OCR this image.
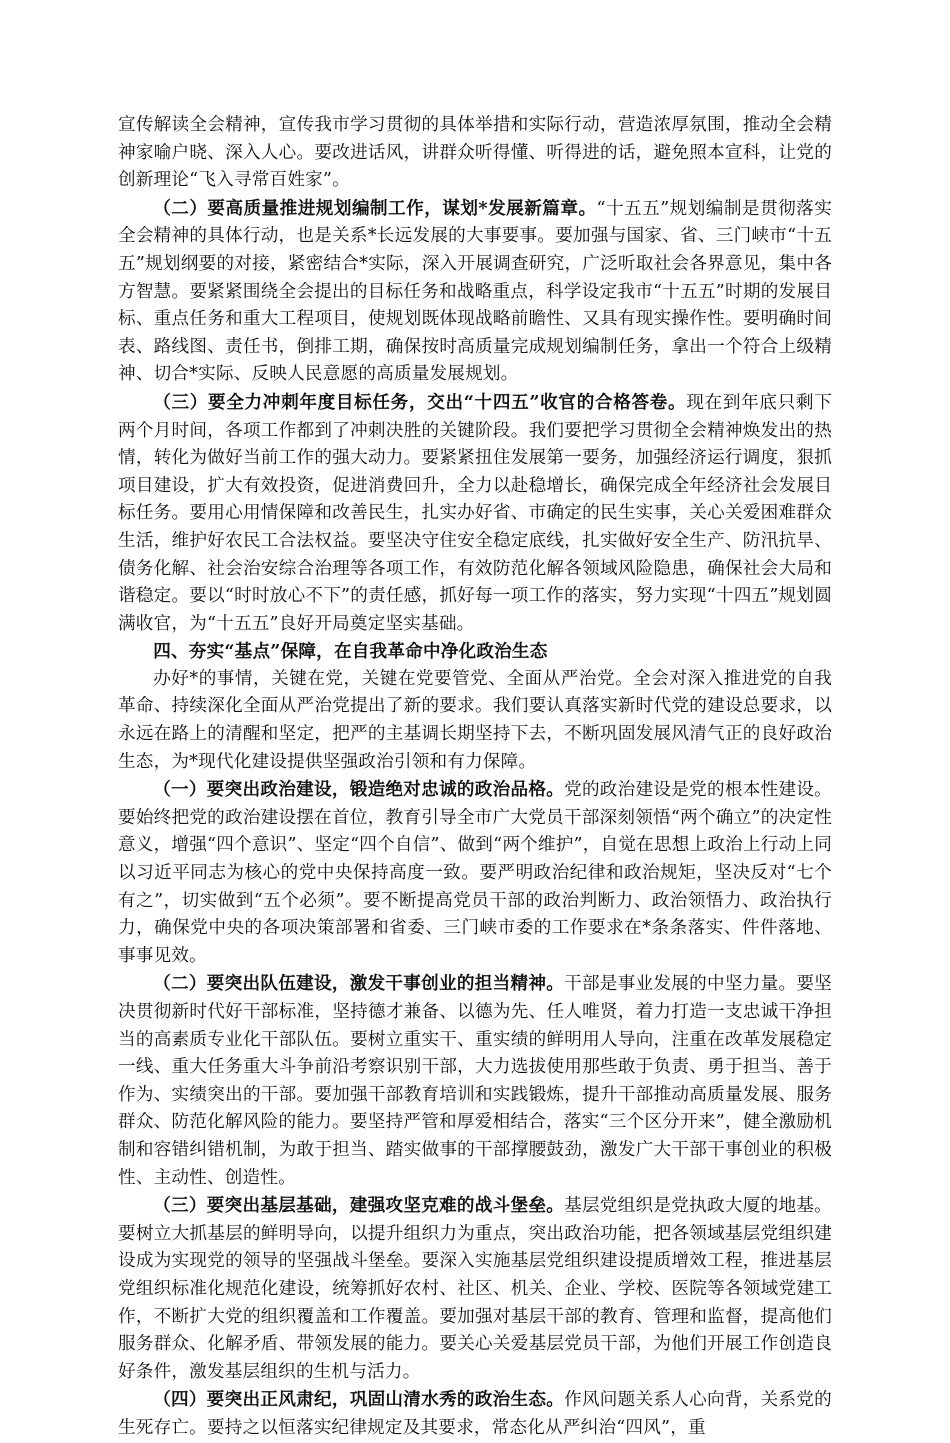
宣传解读全会精神，宣传我市学习贯彻的具体举措和实际行动，营造浓厚氛围，推动全会精神家喻户晓、深入人心。要改进话风，讲群众听得懂、听得进的话，避免照本宣科，让党的创新理论“飞入寻常百姓家”。

（二）要高质量推进规划编制工作，谋划*发展新篇章。“十五五”规划编制是贯彻落实全会精神的具体行动，也是关系*长远发展的大事要事。要加强与国家、省、三门峡市“十五五”规划纲要的对接，紧密结合*实际，深入开展调查研究，广泛听取社会各界意见，集中各方智慧。要紧紧围绕全会提出的目标任务和战略重点，科学设定我市“十五五”时期的发展目标、重点任务和重大工程项目，使规划既体现战略前瞻性、又具有现实操作性。要明确时间表、路线图、责任书，倒排工期，确保按时高质量完成规划编制任务，拿出一个符合上级精神、切合*实际、反映人民意愿的高质量发展规划。

（三）要全力冲刺年度目标任务，交出“十四五”收官的合格答卷。现在到年底只剩下两个月时间，各项工作都到了冲刺决胜的关键阶段。我们要把学习贯彻全会精神焕发出的热情，转化为做好当前工作的强大动力。要紧紧扭住发展第一要务，加强经济运行调度，狠抓项目建设，扩大有效投资，促进消费回升，全力以赴稳增长，确保完成全年经济社会发展目标任务。要用心用情保障和改善民生，扎实办好省、市确定的民生实事，关心关爱困难群众生活，维护好农民工合法权益。要坚决守住安全稳定底线，扎实做好安全生产、防汛抗旱、债务化解、社会治安综合治理等各项工作，有效防范化解各领域风险隐患，确保社会大局和谐稳定。要以“时时放心不下”的责任感，抓好每一项工作的落实，努力实现“十四五”规划圆满收官，为“十五五”良好开局奠定坚实基础。

四、夯实“基点”保障，在自我革命中净化政治生态

办好*的事情，关键在党，关键在党要管党、全面从严治党。全会对深入推进党的自我革命、持续深化全面从严治党提出了新的要求。我们要认真落实新时代党的建设总要求，以永远在路上的清醒和坚定，把严的主基调长期坚持下去，不断巩固发展风清气正的良好政治生态，为*现代化建设提供坚强政治引领和有力保障。

（一）要突出政治建设，锻造绝对忠诚的政治品格。党的政治建设是党的根本性建设。要始终把党的政治建设摆在首位，教育引导全市广大党员干部深刻领悟“两个确立”的决定性意义，增强“四个意识”、坚定“四个自信”、做到“两个维护”，自觉在思想上政治上行动上同以习近平同志为核心的党中央保持高度一致。要严明政治纪律和政治规矩，坚决反对“七个有之”，切实做到“五个必须”。要不断提高党员干部的政治判断力、政治领悟力、政治执行力，确保党中央的各项决策部署和省委、三门峡市委的工作要求在*条条落实、件件落地、事事见效。

（二）要突出队伍建设，激发干事创业的担当精神。干部是事业发展的中坚力量。要坚决贯彻新时代好干部标准，坚持德才兼备、以德为先、任人唯贤，着力打造一支忠诚干净担当的高素质专业化干部队伍。要树立重实干、重实绩的鲜明用人导向，注重在改革发展稳定一线、重大任务重大斗争前沿考察识别干部，大力选拔使用那些敢于负责、勇于担当、善于作为、实绩突出的干部。要加强干部教育培训和实践锻炼，提升干部推动高质量发展、服务群众、防范化解风险的能力。要坚持严管和厚爱相结合，落实“三个区分开来”，健全激励机制和容错纠错机制，为敢于担当、踏实做事的干部撑腰鼓劲，激发广大干部干事创业的积极性、主动性、创造性。

（三）要突出基层基础，建强攻坚克难的战斗堡垒。基层党组织是党执政大厦的地基。要树立大抓基层的鲜明导向，以提升组织力为重点，突出政治功能，把各领域基层党组织建设成为实现党的领导的坚强战斗堡垒。要深入实施基层党组织建设提质增效工程，推进基层党组织标准化规范化建设，统筹抓好农村、社区、机关、企业、学校、医院等各领域党建工作，不断扩大党的组织覆盖和工作覆盖。要加强对基层干部的教育、管理和监督，提高他们服务群众、化解矛盾、带领发展的能力。要关心关爱基层党员干部，为他们开展工作创造良好条件，激发基层组织的生机与活力。

（四）要突出正风肃纪，巩固山清水秀的政治生态。作风问题关系人心向背，关系党的生死存亡。要持之以恒落实纪律规定及其要求，常态化从严纠治“四风”，重
